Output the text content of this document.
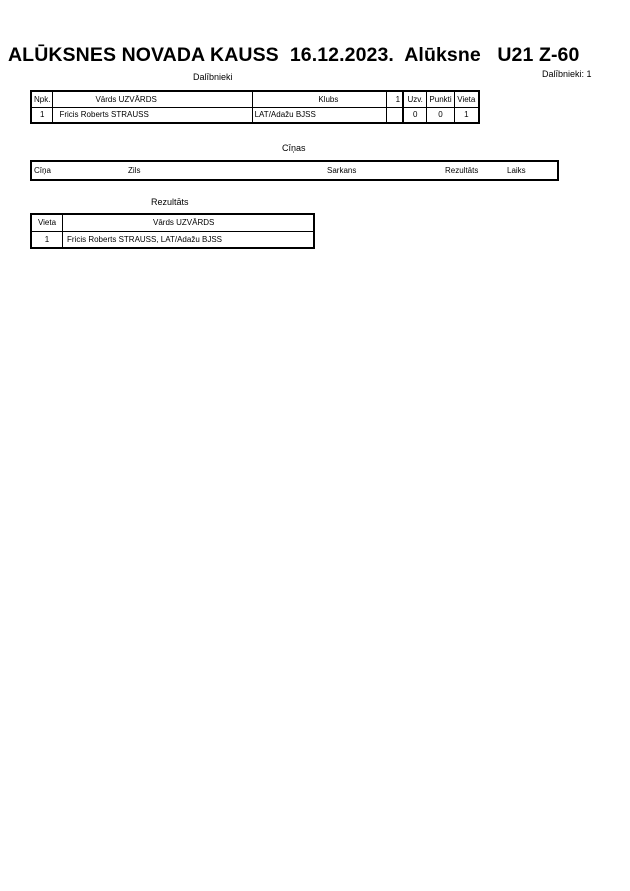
ALŪKSNES NOVADA KAUSS  16.12.2023.  Alūksne   U21 Z-60
Dalībnieki: 1
Dalībnieki
Npk.	Vārds UZVĀRDS	Klubs	1	Uzv.	Punkti	Vieta
1	Fricis Roberts STRAUSS	LAT/Adažu BJSS		0	0	1
Cīņas
Cīņa	Zils	Sarkans	Rezultāts	Laiks
Rezultāts
Vieta	Vārds UZVĀRDS
1	Fricis Roberts STRAUSS, LAT/Adažu BJSS
